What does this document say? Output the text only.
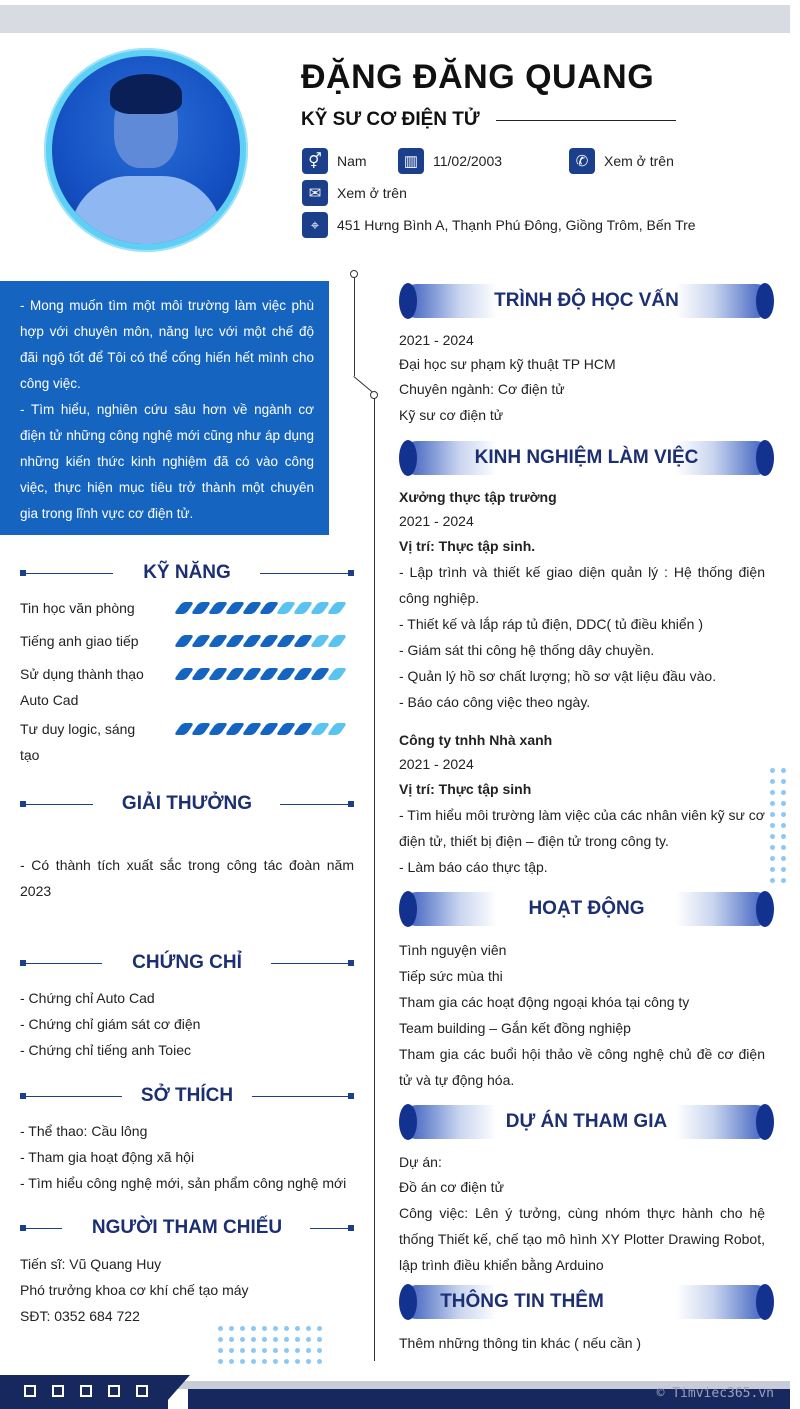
ĐẶNG ĐĂNG QUANG
KỸ SƯ CƠ ĐIỆN TỬ
⚥	Nam	▥	11/02/2003	✆	Xem ở trên
✉	Xem ở trên
⌖	451 Hưng Bình A, Thạnh Phú Đông, Giồng Trôm, Bến Tre
- Mong muốn tìm một môi trường làm việc phù hợp với chuyên môn, năng lực với một chế độ đãi ngộ tốt để Tôi có thể cống hiến hết mình cho công việc.
- Tìm hiểu, nghiên cứu sâu hơn về ngành cơ điện tử những công nghệ mới cũng như áp dụng những kiến thức kinh nghiệm đã có vào công việc, thực hiện mục tiêu trở thành một chuyên gia trong lĩnh vực cơ điện tử.
KỸ NĂNG
Tin học văn phòng
Tiếng anh giao tiếp
Sử dụng thành thạo
Auto Cad
Tư duy logic, sáng
tạo
GIẢI THƯỞNG
- Có thành tích xuất sắc trong công tác đoàn năm 2023
CHỨNG CHỈ
- Chứng chỉ Auto Cad
- Chứng chỉ giám sát cơ điện
- Chứng chỉ tiếng anh Toiec
SỞ THÍCH
- Thể thao: Cầu lông
- Tham gia hoạt động xã hội
- Tìm hiểu công nghệ mới, sản phẩm công nghệ mới
NGƯỜI THAM CHIẾU
Tiến sĩ: Vũ Quang Huy
Phó trưởng khoa cơ khí chế tạo máy
SĐT: 0352 684 722
TRÌNH ĐỘ HỌC VẤN
2021 - 2024
Đại học sư phạm kỹ thuật TP HCM
Chuyên ngành: Cơ điện tử
Kỹ sư cơ điện tử
KINH NGHIỆM LÀM VIỆC
Xưởng thực tập trường
2021 - 2024
Vị trí: Thực tập sinh.
- Lập trình và thiết kế giao diện quản lý : Hệ thống điện công nghiệp.
- Thiết kế và lắp ráp tủ điện, DDC( tủ điều khiển )
- Giám sát thi công hệ thống dây chuyền.
- Quản lý hồ sơ chất lượng; hồ sơ vật liệu đầu vào.
- Báo cáo công việc theo ngày.
Công ty tnhh Nhà xanh
2021 - 2024
Vị trí: Thực tập sinh
- Tìm hiểu môi trường làm việc của các nhân viên kỹ sư cơ điện tử, thiết bị điện – điện tử trong công ty.
- Làm báo cáo thực tập.
HOẠT ĐỘNG
Tình nguyện viên
Tiếp sức mùa thi
Tham gia các hoạt động ngoại khóa tại công ty
Team building – Gắn kết đồng nghiệp
Tham gia các buổi hội thảo về công nghệ chủ đề cơ điện tử và tự động hóa.
DỰ ÁN THAM GIA
Dự án:
Đồ án cơ điện tử
Công việc: Lên ý tưởng, cùng nhóm thực hành cho hệ thống Thiết kế, chế tạo mô hình XY Plotter Drawing Robot, lập trình điều khiển bằng Arduino
THÔNG TIN THÊM
Thêm những thông tin khác ( nếu cần )
© Timviec365.vn
